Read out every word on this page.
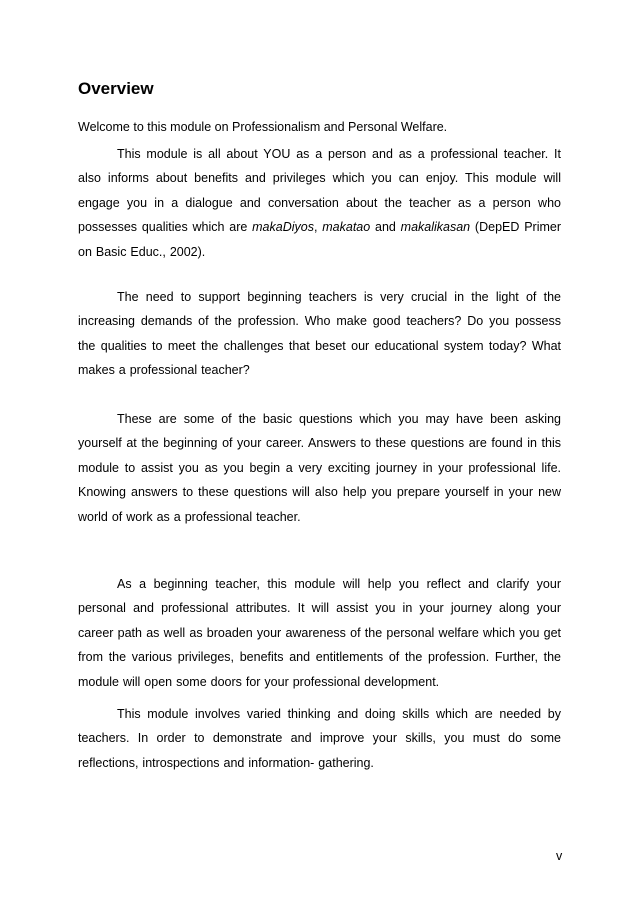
Overview

Welcome to this module on Professionalism and Personal Welfare.

This module is all about YOU as a person and as a professional teacher. It also informs about benefits and privileges which you can enjoy. This module will engage you in a dialogue and conversation about the teacher as a person who possesses qualities which are makaDiyos, makatao and makalikasan (DepED Primer on Basic Educ., 2002).

The need to support beginning teachers is very crucial in the light of the increasing demands of the profession. Who make good teachers? Do you possess the qualities to meet the challenges that beset our educational system today? What makes a professional teacher?

These are some of the basic questions which you may have been asking yourself at the beginning of your career. Answers to these questions are found in this module to assist you as you begin a very exciting journey in your professional life. Knowing answers to these questions will also help you prepare yourself in your new world of work as a professional teacher.

As a beginning teacher, this module will help you reflect and clarify your personal and professional attributes. It will assist you in your journey along your career path as well as broaden your awareness of the personal welfare which you get from the various privileges, benefits and entitlements of the profession. Further, the module will open some doors for your professional development.

This module involves varied thinking and doing skills which are needed by teachers. In order to demonstrate and improve your skills, you must do some reflections, introspections and information- gathering.

v
